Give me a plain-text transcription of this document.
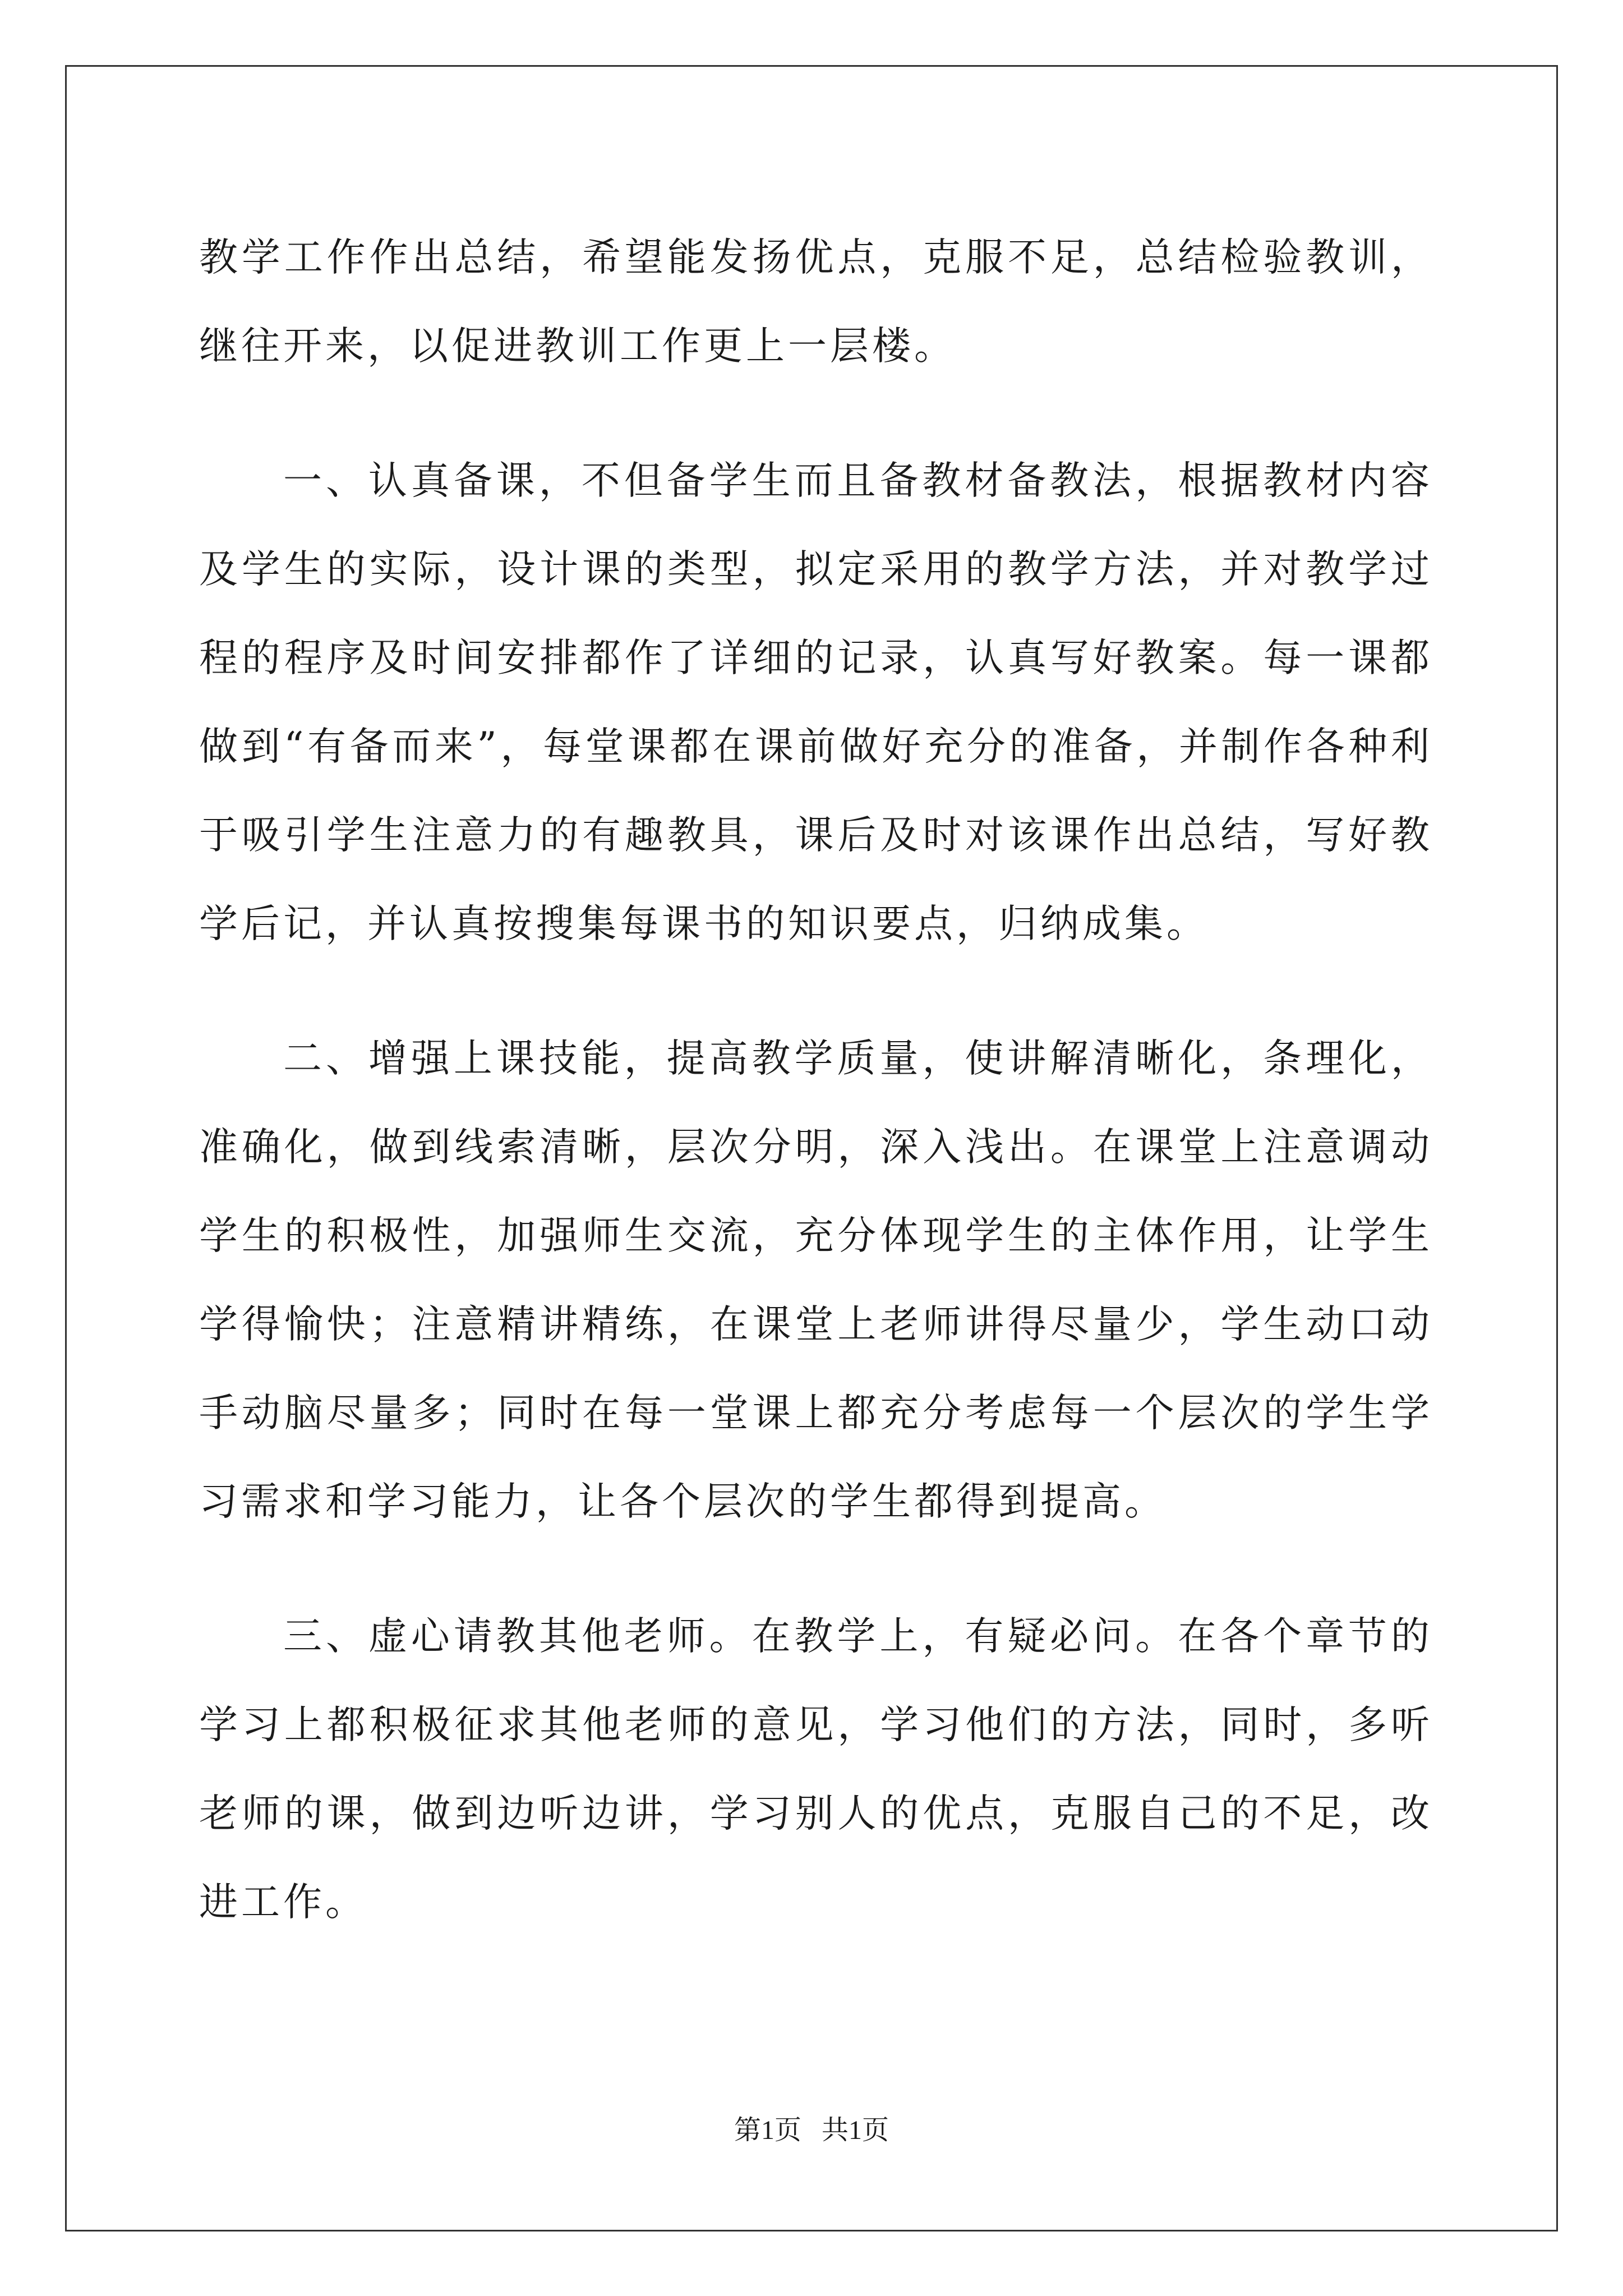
教学工作作出总结，希望能发扬优点，克服不足，总结检验教训，继往开来，以促进教训工作更上一层楼。

一、认真备课，不但备学生而且备教材备教法，根据教材内容及学生的实际，设计课的类型，拟定采用的教学方法，并对教学过程的程序及时间安排都作了详细的记录，认真写好教案。每一课都做到“有备而来”，每堂课都在课前做好充分的准备，并制作各种利于吸引学生注意力的有趣教具，课后及时对该课作出总结，写好教学后记，并认真按搜集每课书的知识要点，归纳成集。

二、增强上课技能，提高教学质量，使讲解清晰化，条理化，准确化，做到线索清晰，层次分明，深入浅出。在课堂上注意调动学生的积极性，加强师生交流，充分体现学生的主体作用，让学生学得愉快；注意精讲精练，在课堂上老师讲得尽量少，学生动口动手动脑尽量多；同时在每一堂课上都充分考虑每一个层次的学生学习需求和学习能力，让各个层次的学生都得到提高。

三、虚心请教其他老师。在教学上，有疑必问。在各个章节的学习上都积极征求其他老师的意见，学习他们的方法，同时，多听老师的课，做到边听边讲，学习别人的优点，克服自己的不足，改进工作。

第1页   共1页
